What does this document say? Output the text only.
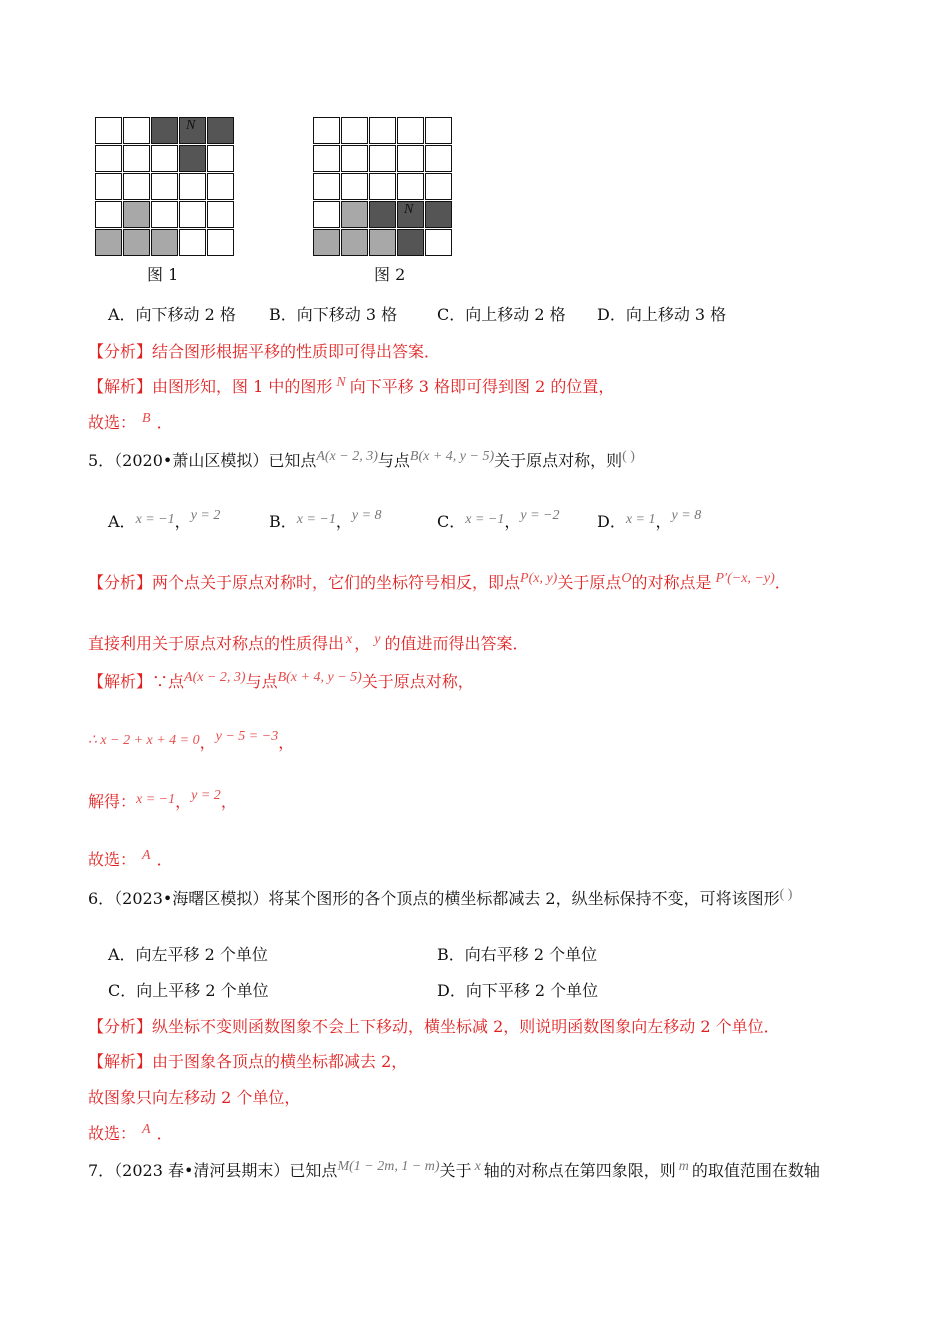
N
图 1
N
图 2
A．向下移动 2 格 B．向下移动 3 格 C．向上移动 2 格 D．向上移动 3 格
【分析】结合图形根据平移的性质即可得出答案．
【解析】由图形知，图 1 中的图形 N 向下平移 3 格即可得到图 2 的位置，
故选： B ．
5．（2020•萧山区模拟）已知点A(x − 2, 3)与点B(x + 4, y − 5)关于原点对称，则( )
A．x = −1，y = 2	B．x = −1，y = 8	C．x = −1，y = −2 D．x = 1，y = 8
【分析】两个点关于原点对称时，它们的坐标符号相反，即点P(x, y)关于原点O的对称点是 P′(−x, −y)．
直接利用关于原点对称点的性质得出 x ， y 的值进而得出答案．
【解析】∵点A(x − 2, 3)与点B(x + 4, y − 5)关于原点对称，
∴ x − 2 + x + 4 = 0，y − 5 = −3，
解得：x = −1，y = 2，
故选： A ．
6．（2023•海曙区模拟）将某个图形的各个顶点的横坐标都减去 2，纵坐标保持不变，可将该图形( )
A．向左平移 2 个单位	B．向右平移 2 个单位
C．向上平移 2 个单位	D．向下平移 2 个单位
【分析】纵坐标不变则函数图象不会上下移动，横坐标减 2，则说明函数图象向左移动 2 个单位．
【解析】由于图象各顶点的横坐标都减去 2，
故图象只向左移动 2 个单位，
故选： A ．
7．（2023 春•清河县期末）已知点M(1 − 2m, 1 − m)关于 x 轴的对称点在第四象限，则 m 的取值范围在数轴
